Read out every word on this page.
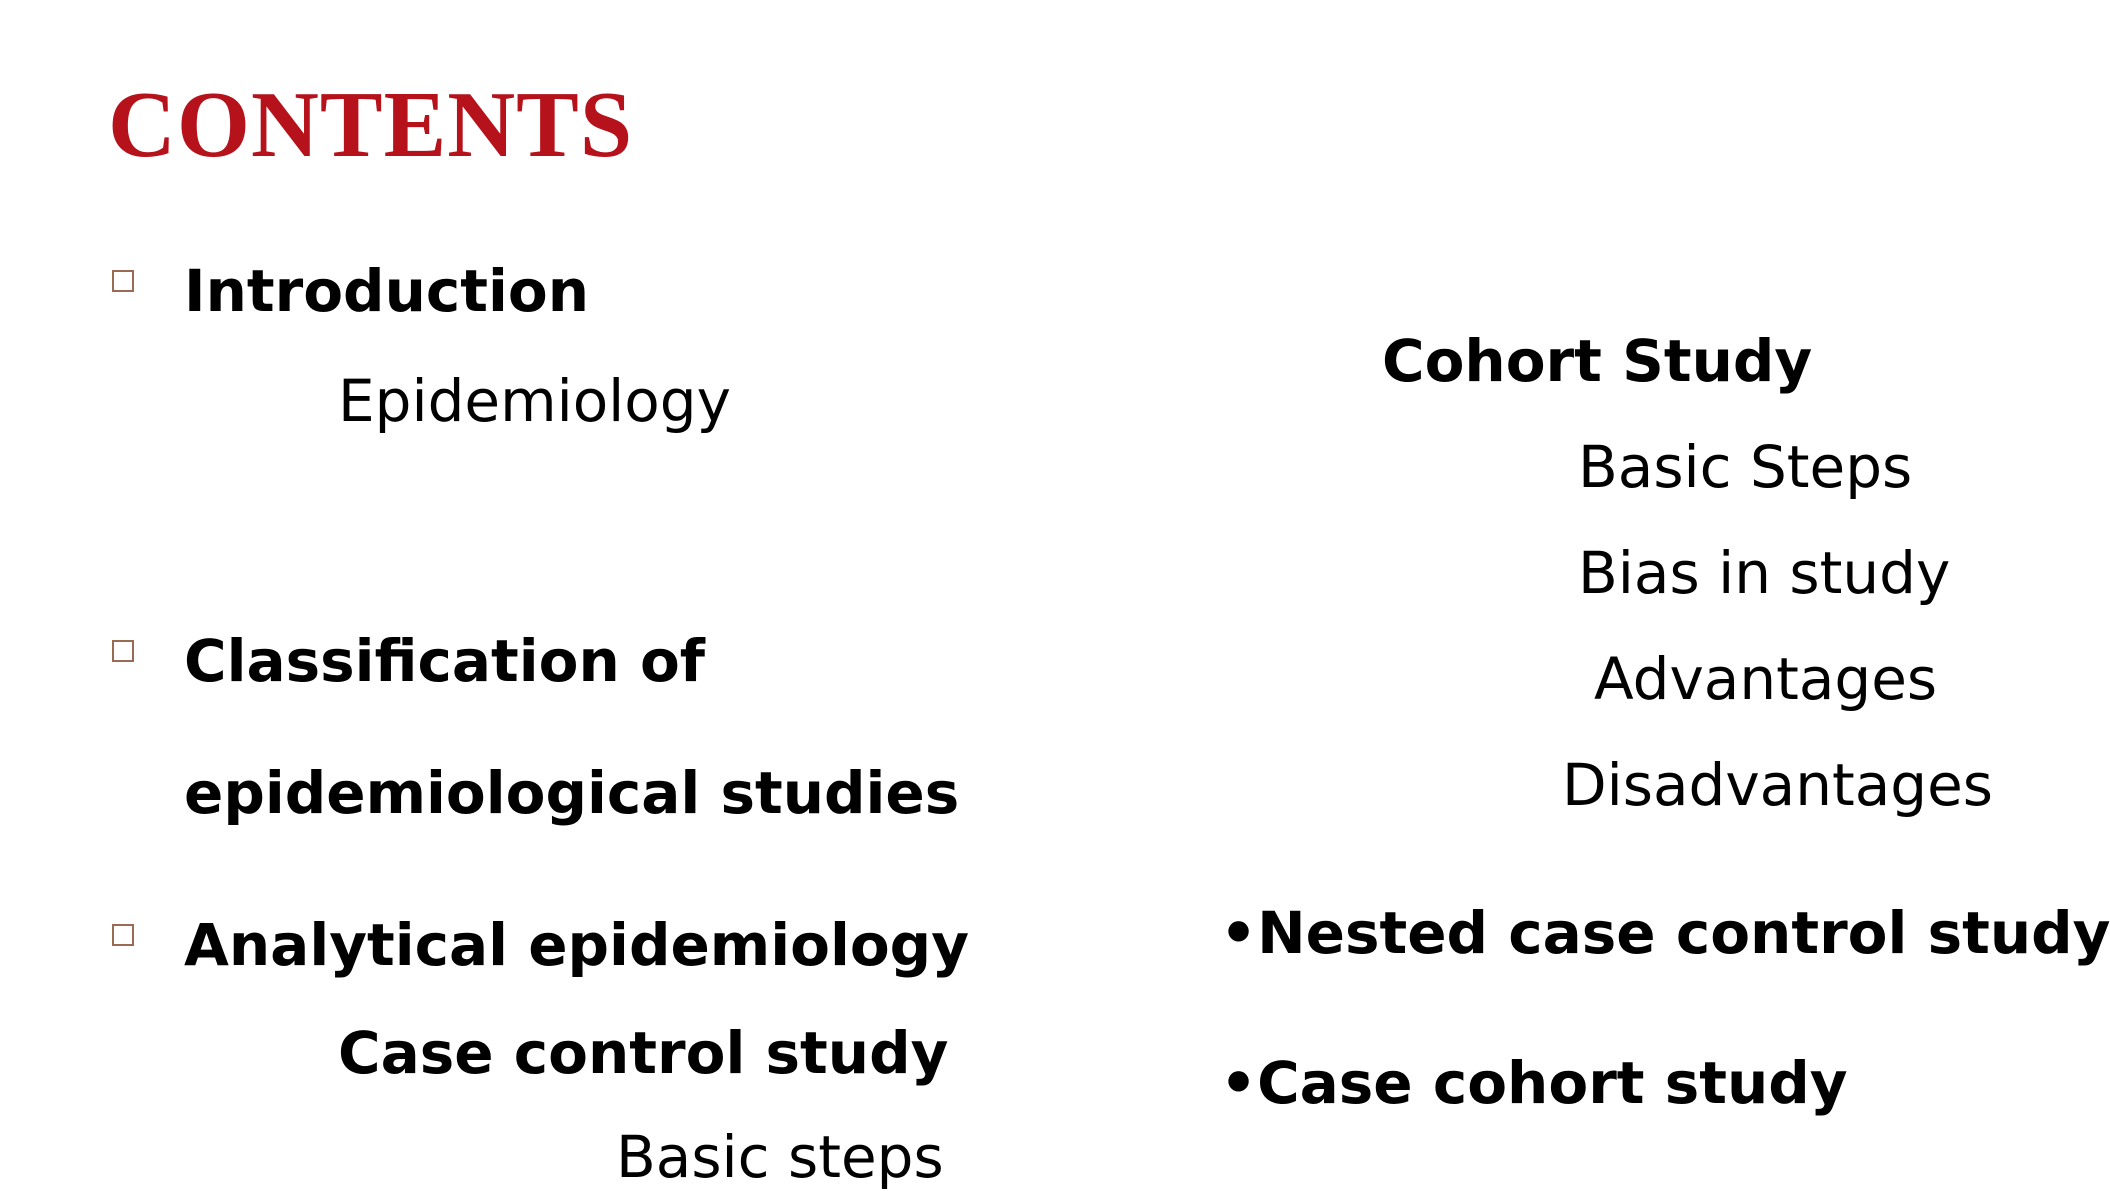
CONTENTS
Introduction
Epidemiology
Classification of
epidemiological studies
Analytical epidemiology
Case control study
Basic steps
Cohort Study
Basic Steps
Bias in study
Advantages
Disadvantages
•Nested case control study
•Case cohort study
